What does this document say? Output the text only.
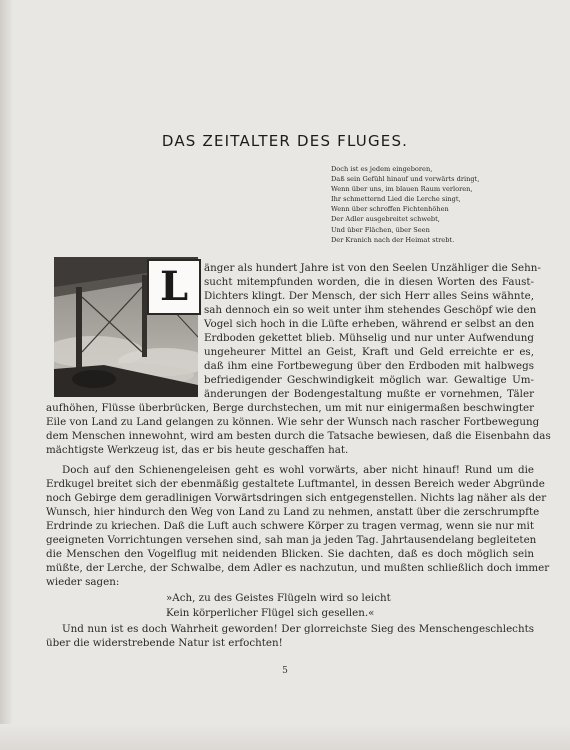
DAS ZEITALTER DES FLUGES.
Doch ist es jedem eingeboren,
Daß sein Gefühl hinauf und vorwärts dringt,
Wenn über uns, im blauen Raum verloren,
Ihr schmetternd Lied die Lerche singt,
Wenn über schroffen Fichtenhöhen
Der Adler ausgebreitet schwebt,
Und über Flächen, über Seen
Der Kranich nach der Heimat strebt.
L	änger als hundert Jahre ist von den Seelen Unzähliger die Sehn-
sucht mitempfunden worden, die in diesen Worten des Faust-
Dichters klingt. Der Mensch, der sich Herr alles Seins wähnte,
sah dennoch ein so weit unter ihm stehendes Geschöpf wie den
Vogel sich hoch in die Lüfte erheben, während er selbst an den
Erdboden gekettet blieb. Mühselig und nur unter Aufwendung
ungeheurer Mittel an Geist, Kraft und Geld erreichte er es,
daß ihm eine Fortbewegung über den Erdboden mit halbwegs
befriedigender Geschwindigkeit möglich war. Gewaltige Um-
änderungen der Bodengestaltung mußte er vornehmen, Täler
aufhöhen, Flüsse überbrücken, Berge durchstechen, um mit nur einigermaßen beschwingter
Eile von Land zu Land gelangen zu können. Wie sehr der Wunsch nach rascher Fortbewegung
dem Menschen innewohnt, wird am besten durch die Tatsache bewiesen, daß die Eisenbahn das
mächtigste Werkzeug ist, das er bis heute geschaffen hat.
Doch auf den Schienengeleisen geht es wohl vorwärts, aber nicht hinauf! Rund um die
Erdkugel breitet sich der ebenmäßig gestaltete Luftmantel, in dessen Bereich weder Abgründe
noch Gebirge dem geradlinigen Vorwärtsdringen sich entgegenstellen. Nichts lag näher als der
Wunsch, hier hindurch den Weg von Land zu Land zu nehmen, anstatt über die zerschrumpfte
Erdrinde zu kriechen. Daß die Luft auch schwere Körper zu tragen vermag, wenn sie nur mit
geeigneten Vorrichtungen versehen sind, sah man ja jeden Tag. Jahrtausendelang begleiteten
die Menschen den Vogelflug mit neidenden Blicken. Sie dachten, daß es doch möglich sein
müßte, der Lerche, der Schwalbe, dem Adler es nachzutun, und mußten schließlich doch immer
wieder sagen:
»Ach, zu des Geistes Flügeln wird so leicht
Kein körperlicher Flügel sich gesellen.«
Und nun ist es doch Wahrheit geworden! Der glorreichste Sieg des Menschengeschlechts
über die widerstrebende Natur ist erfochten!
5
